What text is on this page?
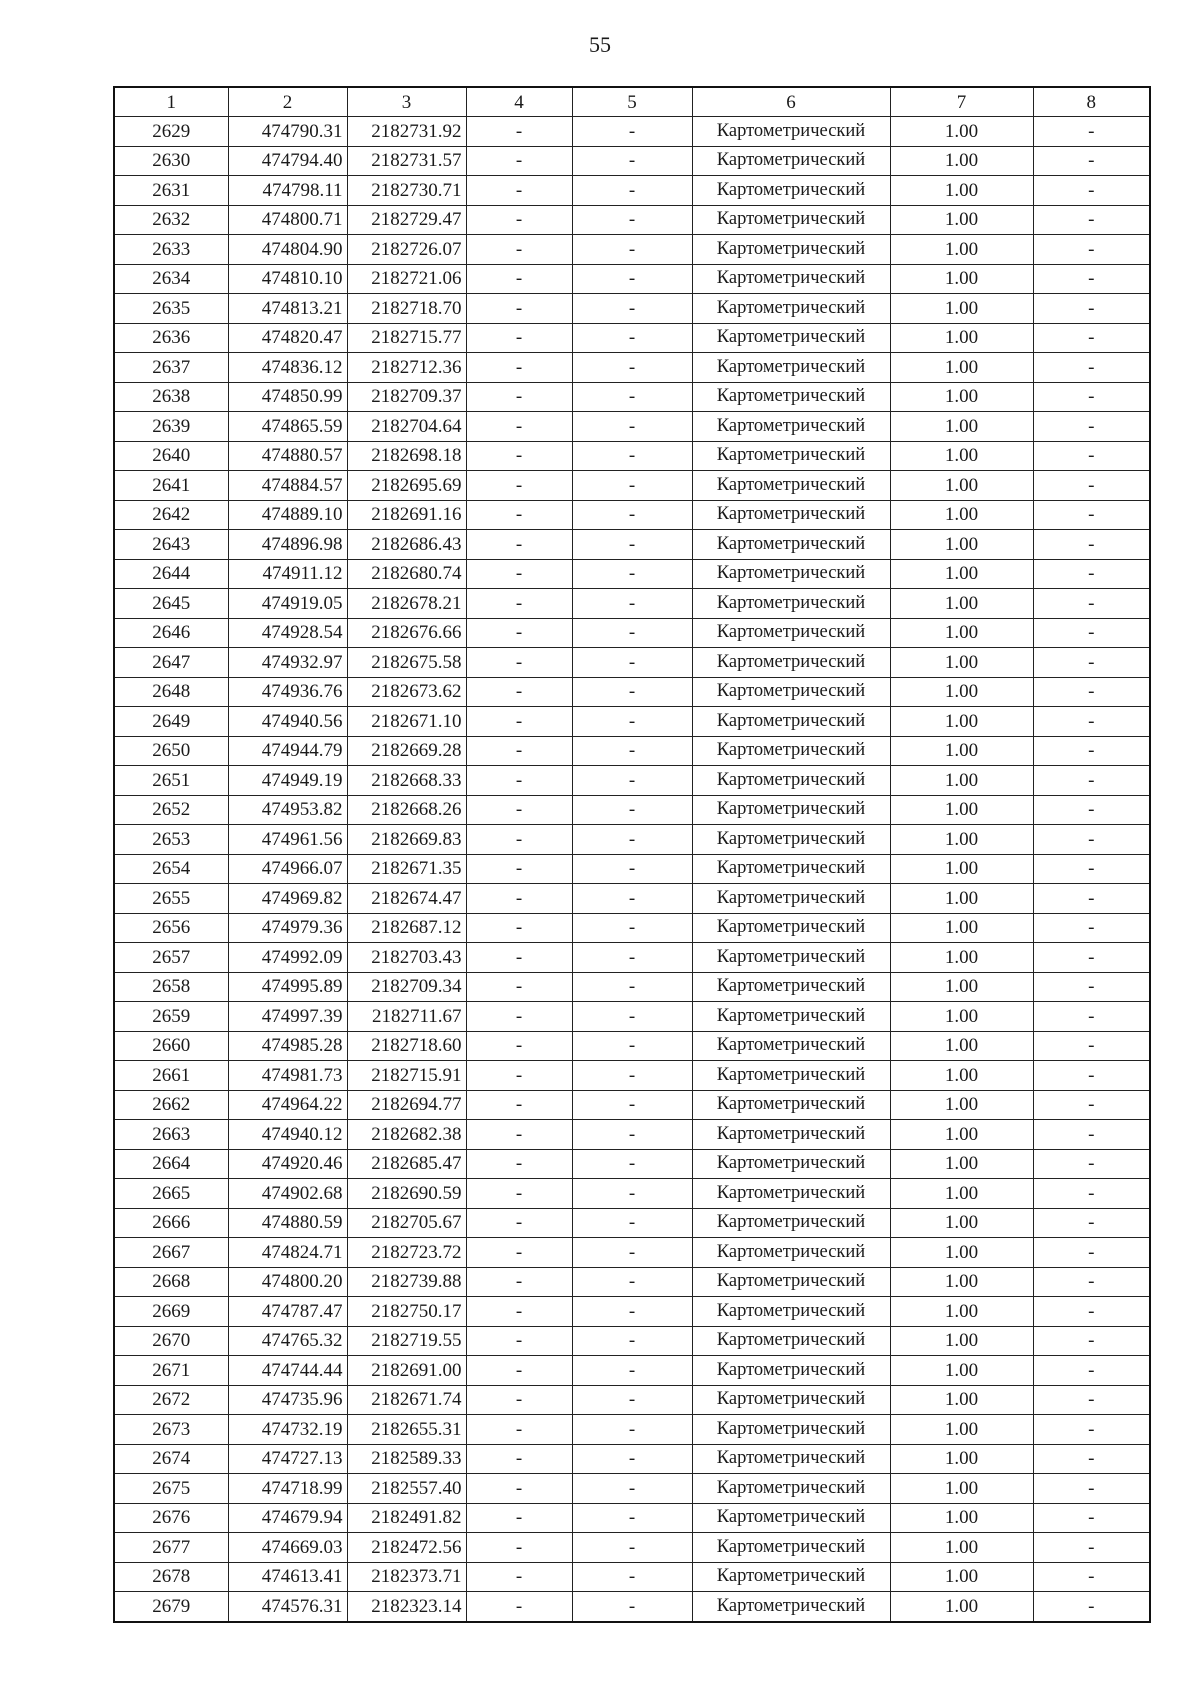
55
1	2	3	4	5	6	7	8
2629	474790.31	2182731.92	-	-	Картометрический	1.00	-
2630	474794.40	2182731.57	-	-	Картометрический	1.00	-
2631	474798.11	2182730.71	-	-	Картометрический	1.00	-
2632	474800.71	2182729.47	-	-	Картометрический	1.00	-
2633	474804.90	2182726.07	-	-	Картометрический	1.00	-
2634	474810.10	2182721.06	-	-	Картометрический	1.00	-
2635	474813.21	2182718.70	-	-	Картометрический	1.00	-
2636	474820.47	2182715.77	-	-	Картометрический	1.00	-
2637	474836.12	2182712.36	-	-	Картометрический	1.00	-
2638	474850.99	2182709.37	-	-	Картометрический	1.00	-
2639	474865.59	2182704.64	-	-	Картометрический	1.00	-
2640	474880.57	2182698.18	-	-	Картометрический	1.00	-
2641	474884.57	2182695.69	-	-	Картометрический	1.00	-
2642	474889.10	2182691.16	-	-	Картометрический	1.00	-
2643	474896.98	2182686.43	-	-	Картометрический	1.00	-
2644	474911.12	2182680.74	-	-	Картометрический	1.00	-
2645	474919.05	2182678.21	-	-	Картометрический	1.00	-
2646	474928.54	2182676.66	-	-	Картометрический	1.00	-
2647	474932.97	2182675.58	-	-	Картометрический	1.00	-
2648	474936.76	2182673.62	-	-	Картометрический	1.00	-
2649	474940.56	2182671.10	-	-	Картометрический	1.00	-
2650	474944.79	2182669.28	-	-	Картометрический	1.00	-
2651	474949.19	2182668.33	-	-	Картометрический	1.00	-
2652	474953.82	2182668.26	-	-	Картометрический	1.00	-
2653	474961.56	2182669.83	-	-	Картометрический	1.00	-
2654	474966.07	2182671.35	-	-	Картометрический	1.00	-
2655	474969.82	2182674.47	-	-	Картометрический	1.00	-
2656	474979.36	2182687.12	-	-	Картометрический	1.00	-
2657	474992.09	2182703.43	-	-	Картометрический	1.00	-
2658	474995.89	2182709.34	-	-	Картометрический	1.00	-
2659	474997.39	2182711.67	-	-	Картометрический	1.00	-
2660	474985.28	2182718.60	-	-	Картометрический	1.00	-
2661	474981.73	2182715.91	-	-	Картометрический	1.00	-
2662	474964.22	2182694.77	-	-	Картометрический	1.00	-
2663	474940.12	2182682.38	-	-	Картометрический	1.00	-
2664	474920.46	2182685.47	-	-	Картометрический	1.00	-
2665	474902.68	2182690.59	-	-	Картометрический	1.00	-
2666	474880.59	2182705.67	-	-	Картометрический	1.00	-
2667	474824.71	2182723.72	-	-	Картометрический	1.00	-
2668	474800.20	2182739.88	-	-	Картометрический	1.00	-
2669	474787.47	2182750.17	-	-	Картометрический	1.00	-
2670	474765.32	2182719.55	-	-	Картометрический	1.00	-
2671	474744.44	2182691.00	-	-	Картометрический	1.00	-
2672	474735.96	2182671.74	-	-	Картометрический	1.00	-
2673	474732.19	2182655.31	-	-	Картометрический	1.00	-
2674	474727.13	2182589.33	-	-	Картометрический	1.00	-
2675	474718.99	2182557.40	-	-	Картометрический	1.00	-
2676	474679.94	2182491.82	-	-	Картометрический	1.00	-
2677	474669.03	2182472.56	-	-	Картометрический	1.00	-
2678	474613.41	2182373.71	-	-	Картометрический	1.00	-
2679	474576.31	2182323.14	-	-	Картометрический	1.00	-
